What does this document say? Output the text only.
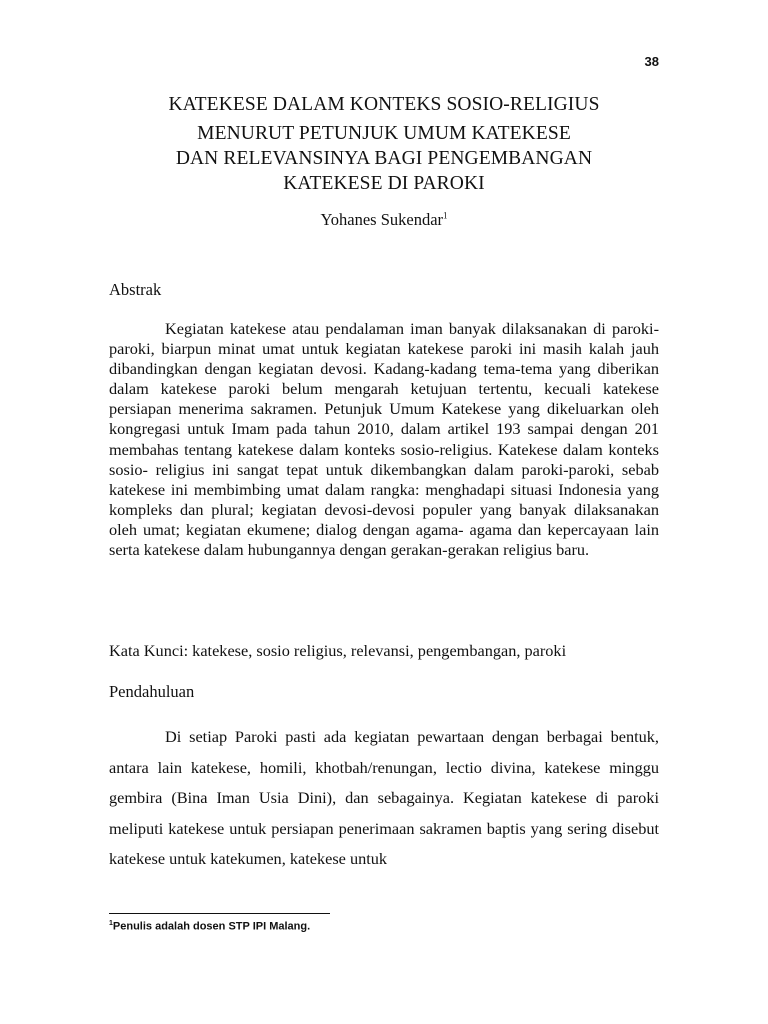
38

KATEKESE DALAM KONTEKS SOSIO-RELIGIUS

MENURUT PETUNJUK UMUM KATEKESE

DAN RELEVANSINYA BAGI PENGEMBANGAN

KATEKESE DI PAROKI

Yohanes Sukendar$^1$

Abstrak

Kegiatan katekese atau pendalaman iman banyak dilaksanakan di paroki-paroki, biarpun minat umat untuk kegiatan katekese paroki ini masih kalah jauh dibandingkan dengan kegiatan devosi. Kadang-kadang tema-tema yang diberikan dalam katekese paroki belum mengarah ketujuan tertentu, kecuali katekese persiapan menerima sakramen. Petunjuk Umum Katekese yang dikeluarkan oleh kongregasi untuk Imam pada tahun 2010, dalam artikel 193 sampai dengan 201 membahas tentang katekese dalam konteks sosio-religius. Katekese dalam konteks sosio- religius ini sangat tepat untuk dikembangkan dalam paroki-paroki, sebab katekese ini membimbing umat dalam rangka: menghadapi situasi Indonesia yang kompleks dan plural; kegiatan devosi-devosi populer yang banyak dilaksanakan oleh umat; kegiatan ekumene; dialog dengan agama- agama dan kepercayaan lain serta katekese dalam hubungannya dengan gerakan-gerakan religius baru.

Kata Kunci: katekese, sosio religius, relevansi, pengembangan, paroki

Pendahuluan

Di setiap Paroki pasti ada kegiatan pewartaan dengan berbagai bentuk, antara lain katekese, homili, khotbah/renungan, lectio divina, katekese minggu gembira (Bina Iman Usia Dini), dan sebagainya. Kegiatan katekese di paroki meliputi katekese untuk persiapan penerimaan sakramen baptis yang sering disebut katekese untuk katekumen, katekese untuk

$^1$Penulis adalah dosen STP IPI Malang.
